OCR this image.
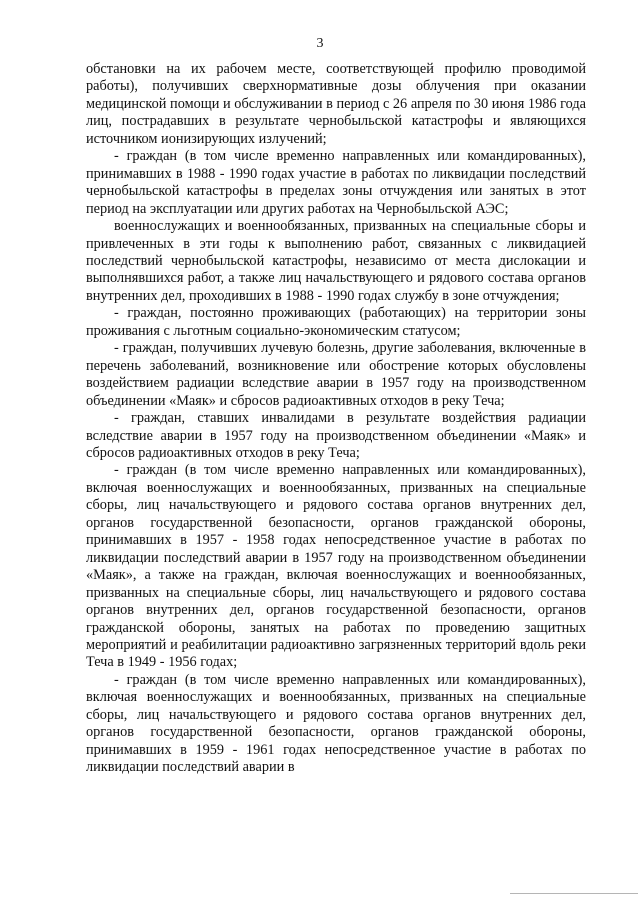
3

обстановки на их рабочем месте, соответствующей профилю проводимой работы), получивших сверхнормативные дозы облучения при оказании медицинской помощи и обслуживании в период с 26 апреля по 30 июня 1986 года лиц, пострадавших в результате чернобыльской катастрофы и являющихся источником ионизирующих излучений;

- граждан (в том числе временно направленных или командированных), принимавших в 1988 - 1990 годах участие в работах по ликвидации последствий чернобыльской катастрофы в пределах зоны отчуждения или занятых в этот период на эксплуатации или других работах на Чернобыльской АЭС;

военнослужащих и военнообязанных, призванных на специальные сборы и привлеченных в эти годы к выполнению работ, связанных с ликвидацией последствий чернобыльской катастрофы, независимо от места дислокации и выполнявшихся работ, а также лиц начальствующего и рядового состава органов внутренних дел, проходивших в 1988 - 1990 годах службу в зоне отчуждения;

- граждан, постоянно проживающих (работающих) на территории зоны проживания с льготным социально-экономическим статусом;

- граждан, получивших лучевую болезнь, другие заболевания, включенные в перечень заболеваний, возникновение или обострение которых обусловлены воздействием радиации вследствие аварии в 1957 году на производственном объединении «Маяк» и сбросов радиоактивных отходов в реку Теча;

- граждан, ставших инвалидами в результате воздействия радиации вследствие аварии в 1957 году на производственном объединении «Маяк» и сбросов радиоактивных отходов в реку Теча;

- граждан (в том числе временно направленных или командированных), включая военнослужащих и военнообязанных, призванных на специальные сборы, лиц начальствующего и рядового состава органов внутренних дел, органов государственной безопасности, органов гражданской обороны, принимавших в 1957 - 1958 годах непосредственное участие в работах по ликвидации последствий аварии в 1957 году на производственном объединении «Маяк», а также на граждан, включая военнослужащих и военнообязанных, призванных на специальные сборы, лиц начальствующего и рядового состава органов внутренних дел, органов государственной безопасности, органов гражданской обороны, занятых на работах по проведению защитных мероприятий и реабилитации радиоактивно загрязненных территорий вдоль реки Теча в 1949 - 1956 годах;

- граждан (в том числе временно направленных или командированных), включая военнослужащих и военнообязанных, призванных на специальные сборы, лиц начальствующего и рядового состава органов внутренних дел, органов государственной безопасности, органов гражданской обороны, принимавших в 1959 - 1961 годах непосредственное участие в работах по ликвидации последствий аварии в
